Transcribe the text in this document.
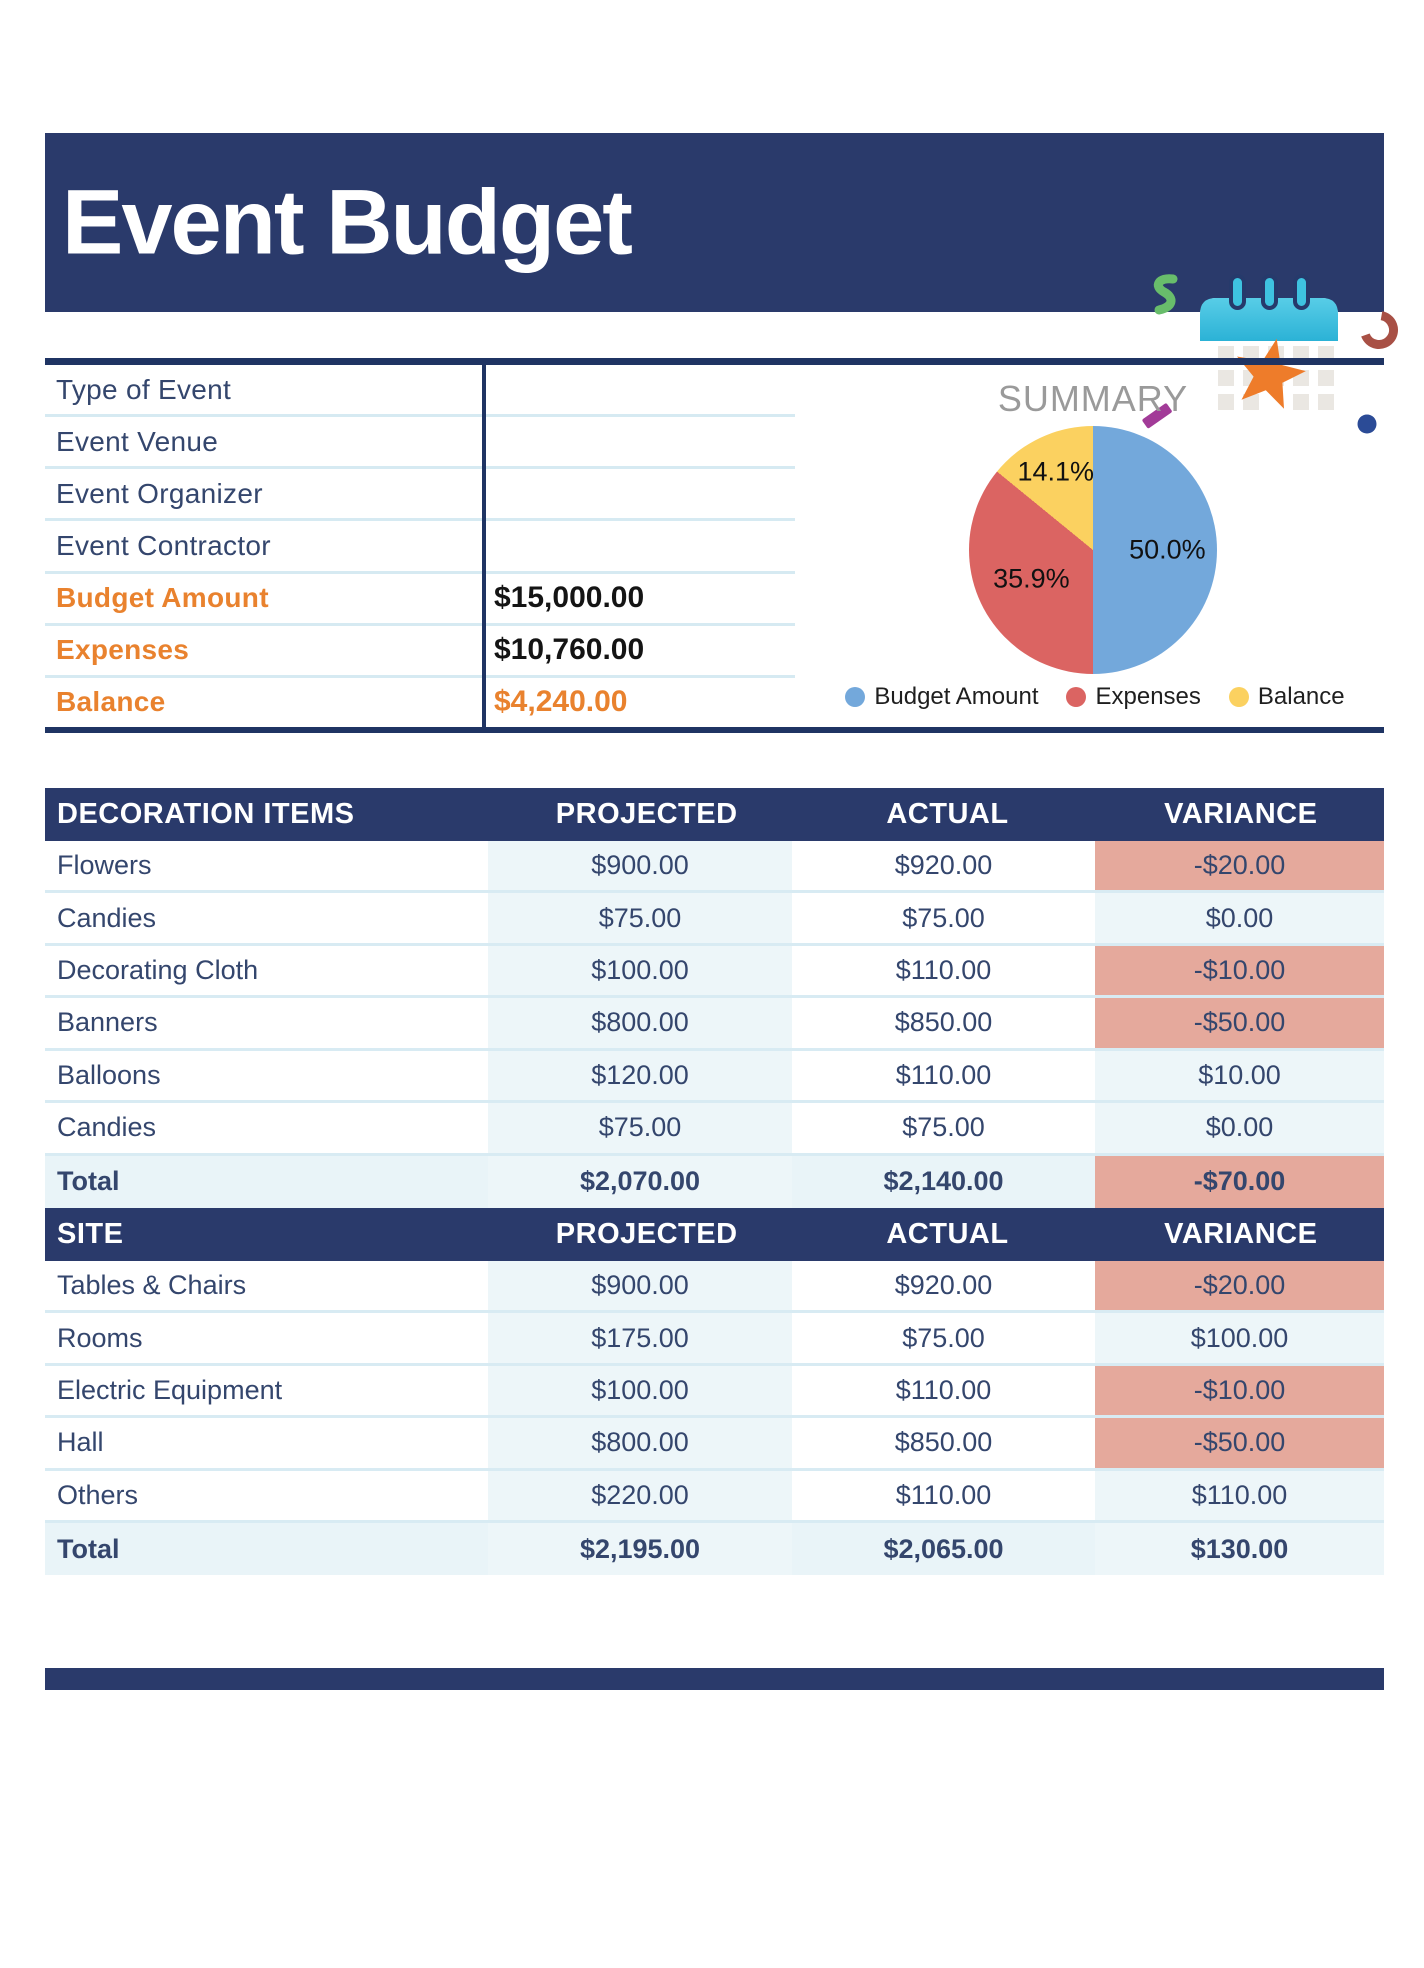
Event Budget
Type of Event
Event Venue
Event Organizer
Event Contractor
Budget Amount	$15,000.00
Expenses	$10,760.00
Balance	$4,240.00
SUMMARY
50.0%
35.9%
14.1%
Budget Amount Expenses Balance
DECORATION ITEMS	PROJECTED	ACTUAL	VARIANCE
Flowers	$900.00	$920.00	-$20.00
Candies	$75.00	$75.00	$0.00
Decorating Cloth	$100.00	$110.00	-$10.00
Banners	$800.00	$850.00	-$50.00
Balloons	$120.00	$110.00	$10.00
Candies	$75.00	$75.00	$0.00
Total	$2,070.00	$2,140.00	-$70.00
SITE	PROJECTED	ACTUAL	VARIANCE
Tables & Chairs	$900.00	$920.00	-$20.00
Rooms	$175.00	$75.00	$100.00
Electric Equipment	$100.00	$110.00	-$10.00
Hall	$800.00	$850.00	-$50.00
Others	$220.00	$110.00	$110.00
Total	$2,195.00	$2,065.00	$130.00
